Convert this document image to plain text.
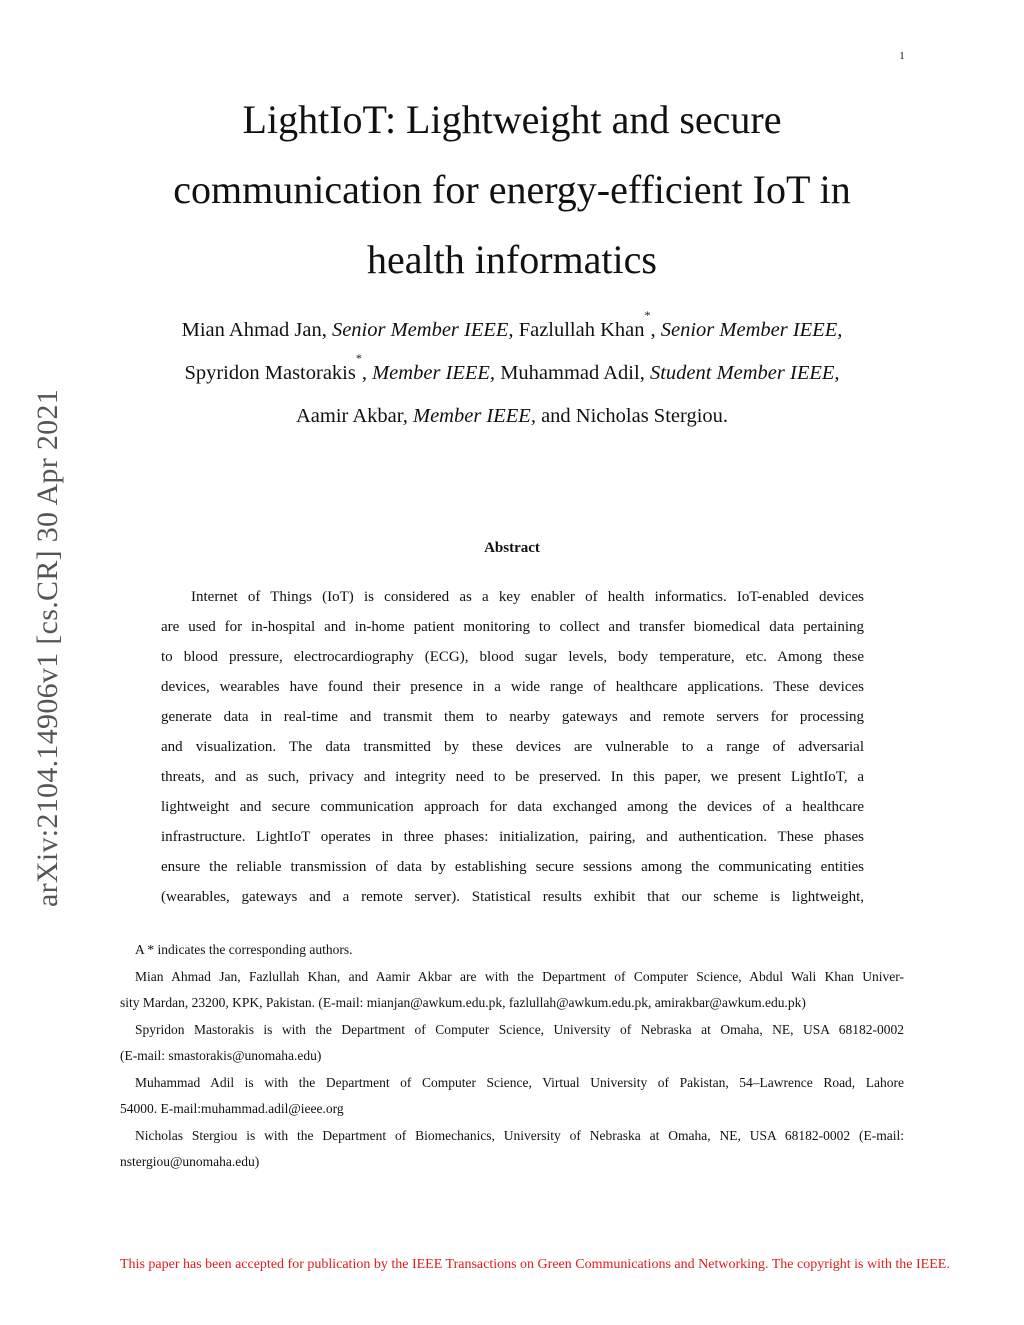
1
arXiv:2104.14906v1 [cs.CR] 30 Apr 2021
LightIoT: Lightweight and secure
communication for energy-efficient IoT in
health informatics
Mian Ahmad Jan, Senior Member IEEE, Fazlullah Khan*, Senior Member IEEE,
Spyridon Mastorakis*, Member IEEE, Muhammad Adil, Student Member IEEE,
Aamir Akbar, Member IEEE, and Nicholas Stergiou.
Abstract
Internet of Things (IoT) is considered as a key enabler of health informatics. IoT-enabled devices
are used for in-hospital and in-home patient monitoring to collect and transfer biomedical data pertaining
to blood pressure, electrocardiography (ECG), blood sugar levels, body temperature, etc. Among these
devices, wearables have found their presence in a wide range of healthcare applications. These devices
generate data in real-time and transmit them to nearby gateways and remote servers for processing
and visualization. The data transmitted by these devices are vulnerable to a range of adversarial
threats, and as such, privacy and integrity need to be preserved. In this paper, we present LightIoT, a
lightweight and secure communication approach for data exchanged among the devices of a healthcare
infrastructure. LightIoT operates in three phases: initialization, pairing, and authentication. These phases
ensure the reliable transmission of data by establishing secure sessions among the communicating entities
(wearables, gateways and a remote server). Statistical results exhibit that our scheme is lightweight,

A * indicates the corresponding authors.

Mian Ahmad Jan, Fazlullah Khan, and Aamir Akbar are with the Department of Computer Science, Abdul Wali Khan Univer-
sity Mardan, 23200, KPK, Pakistan. (E-mail: mianjan@awkum.edu.pk, fazlullah@awkum.edu.pk, amirakbar@awkum.edu.pk)

Spyridon Mastorakis is with the Department of Computer Science, University of Nebraska at Omaha, NE, USA 68182-0002
(E-mail: smastorakis@unomaha.edu)

Muhammad Adil is with the Department of Computer Science, Virtual University of Pakistan, 54–Lawrence Road, Lahore
54000. E-mail:muhammad.adil@ieee.org

Nicholas Stergiou is with the Department of Biomechanics, University of Nebraska at Omaha, NE, USA 68182-0002 (E-mail:
nstergiou@unomaha.edu)

This paper has been accepted for publication by the IEEE Transactions on Green Communications and Networking. The copyright is with the IEEE.
